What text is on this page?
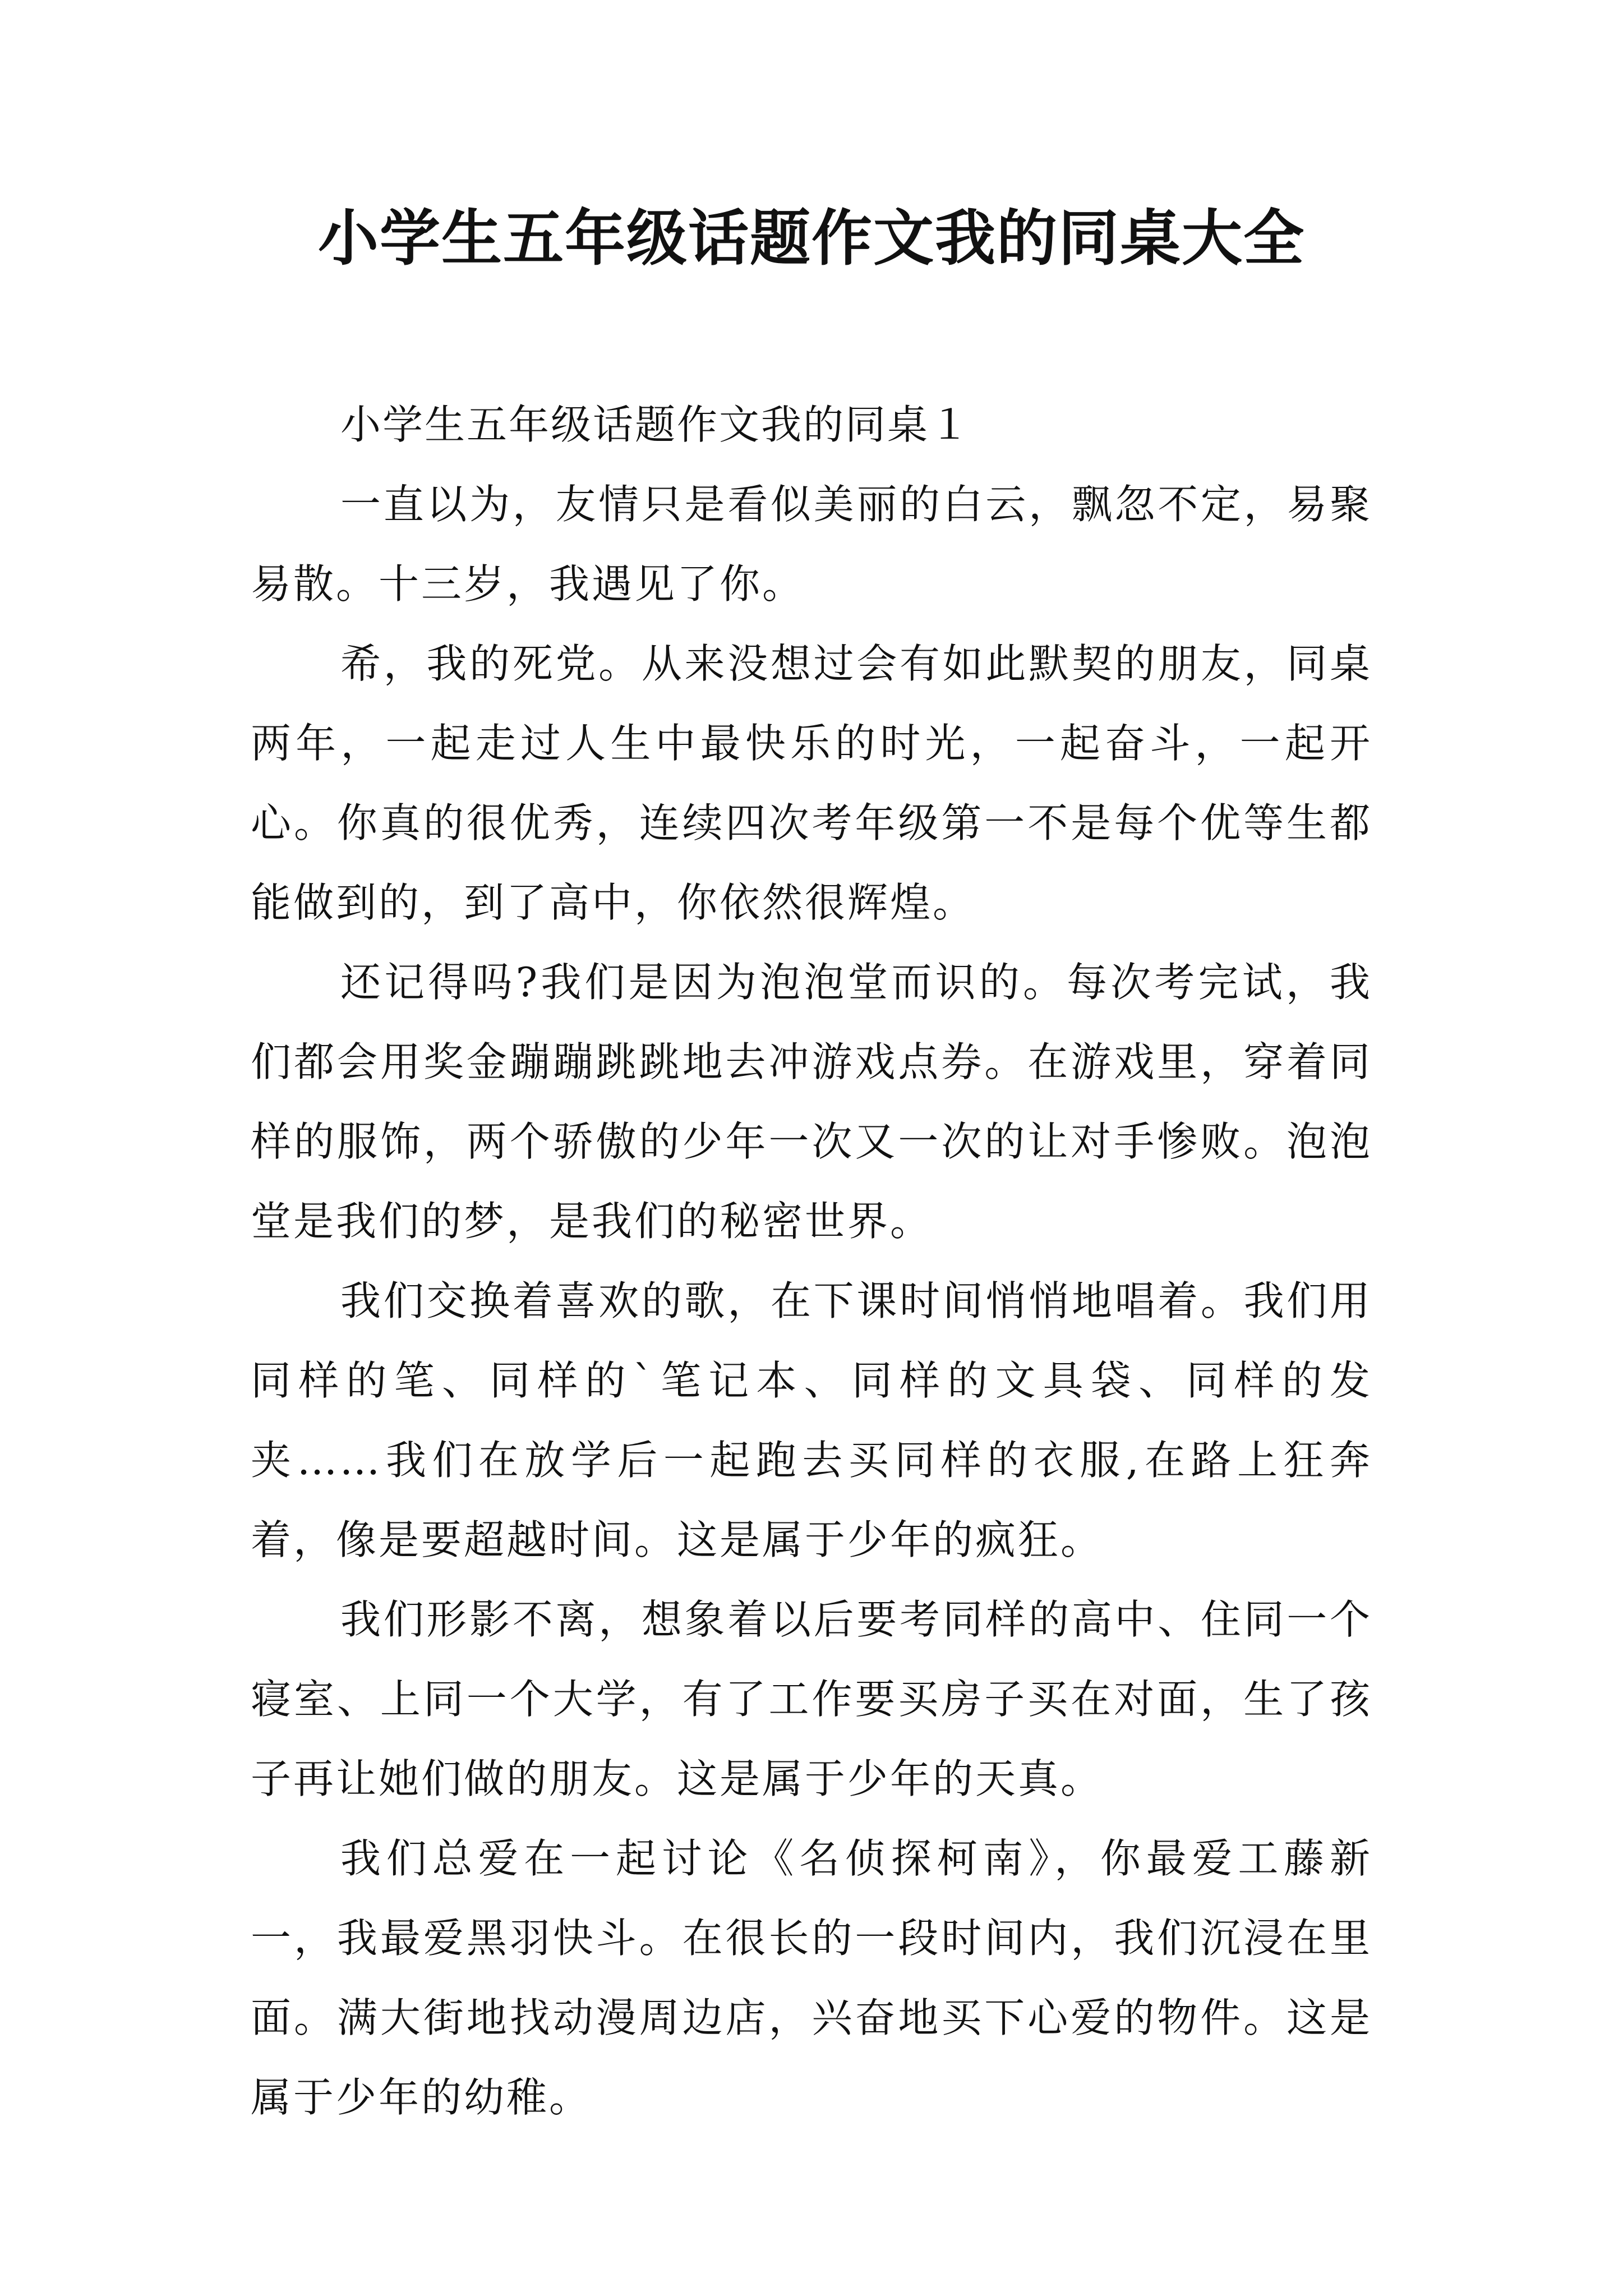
小学生五年级话题作文我的同桌大全

小学生五年级话题作文我的同桌１

一直以为，友情只是看似美丽的白云，飘忽不定，易聚易散。十三岁，我遇见了你。

希，我的死党。从来没想过会有如此默契的朋友，同桌两年，一起走过人生中最快乐的时光，一起奋斗，一起开心。你真的很优秀，连续四次考年级第一不是每个优等生都能做到的，到了高中，你依然很辉煌。

还记得吗?我们是因为泡泡堂而识的。每次考完试，我们都会用奖金蹦蹦跳跳地去冲游戏点券。在游戏里，穿着同样的服饰，两个骄傲的少年一次又一次的让对手惨败。泡泡堂是我们的梦，是我们的秘密世界。

我们交换着喜欢的歌，在下课时间悄悄地唱着。我们用同样的笔、同样的`笔记本、同样的文具袋、同样的发夹……我们在放学后一起跑去买同样的衣服,在路上狂奔着，像是要超越时间。这是属于少年的疯狂。

我们形影不离，想象着以后要考同样的高中、住同一个寝室、上同一个大学，有了工作要买房子买在对面，生了孩子再让她们做的朋友。这是属于少年的天真。

我们总爱在一起讨论《名侦探柯南》，你最爱工藤新一，我最爱黑羽快斗。在很长的一段时间内，我们沉浸在里面。满大街地找动漫周边店，兴奋地买下心爱的物件。这是属于少年的幼稚。
